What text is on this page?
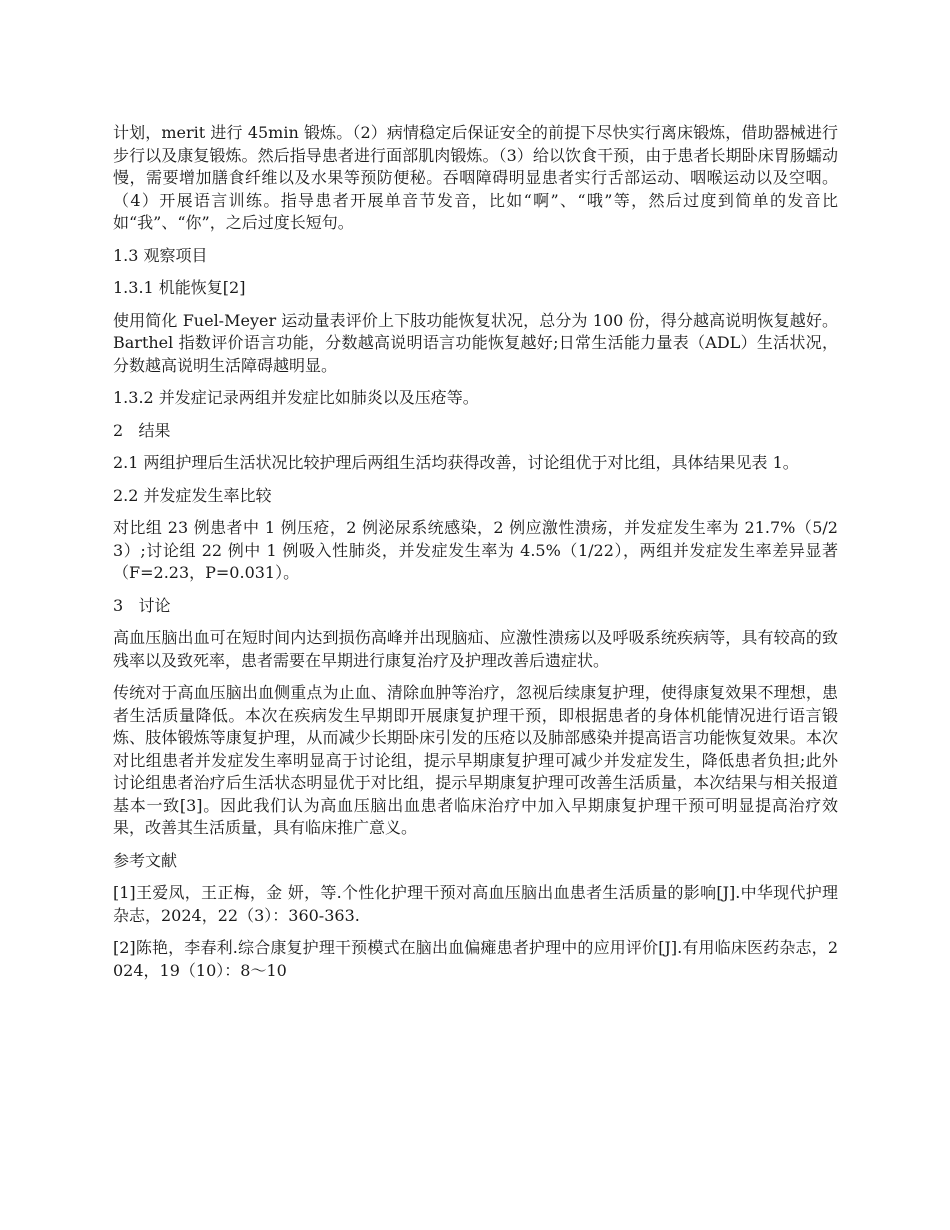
计划，merit 进行 45min 锻炼。（2）病情稳定后保证安全的前提下尽快实行离床锻炼，借助器械进行步行以及康复锻炼。然后指导患者进行面部肌肉锻炼。（3）给以饮食干预，由于患者长期卧床胃肠蠕动慢，需要增加膳食纤维以及水果等预防便秘。吞咽障碍明显患者实行舌部运动、咽喉运动以及空咽。（4）开展语言训练。指导患者开展单音节发音，比如“啊”、“哦”等，然后过度到简单的发音比如“我”、“你”，之后过度长短句。

1.3 观察项目

1.3.1 机能恢复[2]

使用简化 Fuel-Meyer 运动量表评价上下肢功能恢复状况，总分为 100 份，得分越高说明恢复越好。Barthel 指数评价语言功能，分数越高说明语言功能恢复越好;日常生活能力量表（ADL）生活状况，分数越高说明生活障碍越明显。

1.3.2 并发症记录两组并发症比如肺炎以及压疮等。

2   结果

2.1 两组护理后生活状况比较护理后两组生活均获得改善，讨论组优于对比组，具体结果见表 1。

2.2 并发症发生率比较

对比组 23 例患者中 1 例压疮，2 例泌尿系统感染，2 例应激性溃疡，并发症发生率为 21.7%（5/23）;讨论组 22 例中 1 例吸入性肺炎，并发症发生率为 4.5%（1/22），两组并发症发生率差异显著（F=2.23，P=0.031）。

3   讨论

高血压脑出血可在短时间内达到损伤高峰并出现脑疝、应激性溃疡以及呼吸系统疾病等，具有较高的致残率以及致死率，患者需要在早期进行康复治疗及护理改善后遗症状。

传统对于高血压脑出血侧重点为止血、清除血肿等治疗，忽视后续康复护理，使得康复效果不理想，患者生活质量降低。本次在疾病发生早期即开展康复护理干预，即根据患者的身体机能情况进行语言锻炼、肢体锻炼等康复护理，从而减少长期卧床引发的压疮以及肺部感染并提高语言功能恢复效果。本次对比组患者并发症发生率明显高于讨论组，提示早期康复护理可减少并发症发生，降低患者负担;此外讨论组患者治疗后生活状态明显优于对比组，提示早期康复护理可改善生活质量，本次结果与相关报道基本一致[3]。因此我们认为高血压脑出血患者临床治疗中加入早期康复护理干预可明显提高治疗效果，改善其生活质量，具有临床推广意义。

参考文献

[1]王爱凤，王正梅，金 妍，等.个性化护理干预对高血压脑出血患者生活质量的影响[J].中华现代护理杂志，2024，22（3）：360-363.

[2]陈艳，李春利.综合康复护理干预模式在脑出血偏瘫患者护理中的应用评价[J].有用临床医药杂志，2024，19（10）：8～10
